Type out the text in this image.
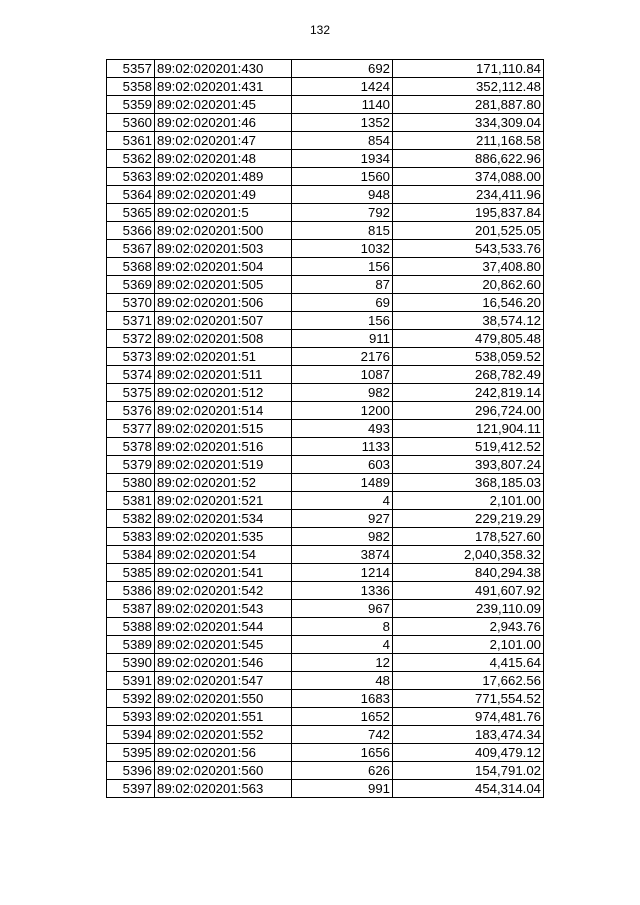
132
5357	89:02:020201:430	692	171,110.84
5358	89:02:020201:431	1424	352,112.48
5359	89:02:020201:45	1140	281,887.80
5360	89:02:020201:46	1352	334,309.04
5361	89:02:020201:47	854	211,168.58
5362	89:02:020201:48	1934	886,622.96
5363	89:02:020201:489	1560	374,088.00
5364	89:02:020201:49	948	234,411.96
5365	89:02:020201:5	792	195,837.84
5366	89:02:020201:500	815	201,525.05
5367	89:02:020201:503	1032	543,533.76
5368	89:02:020201:504	156	37,408.80
5369	89:02:020201:505	87	20,862.60
5370	89:02:020201:506	69	16,546.20
5371	89:02:020201:507	156	38,574.12
5372	89:02:020201:508	911	479,805.48
5373	89:02:020201:51	2176	538,059.52
5374	89:02:020201:511	1087	268,782.49
5375	89:02:020201:512	982	242,819.14
5376	89:02:020201:514	1200	296,724.00
5377	89:02:020201:515	493	121,904.11
5378	89:02:020201:516	1133	519,412.52
5379	89:02:020201:519	603	393,807.24
5380	89:02:020201:52	1489	368,185.03
5381	89:02:020201:521	4	2,101.00
5382	89:02:020201:534	927	229,219.29
5383	89:02:020201:535	982	178,527.60
5384	89:02:020201:54	3874	2,040,358.32
5385	89:02:020201:541	1214	840,294.38
5386	89:02:020201:542	1336	491,607.92
5387	89:02:020201:543	967	239,110.09
5388	89:02:020201:544	8	2,943.76
5389	89:02:020201:545	4	2,101.00
5390	89:02:020201:546	12	4,415.64
5391	89:02:020201:547	48	17,662.56
5392	89:02:020201:550	1683	771,554.52
5393	89:02:020201:551	1652	974,481.76
5394	89:02:020201:552	742	183,474.34
5395	89:02:020201:56	1656	409,479.12
5396	89:02:020201:560	626	154,791.02
5397	89:02:020201:563	991	454,314.04
